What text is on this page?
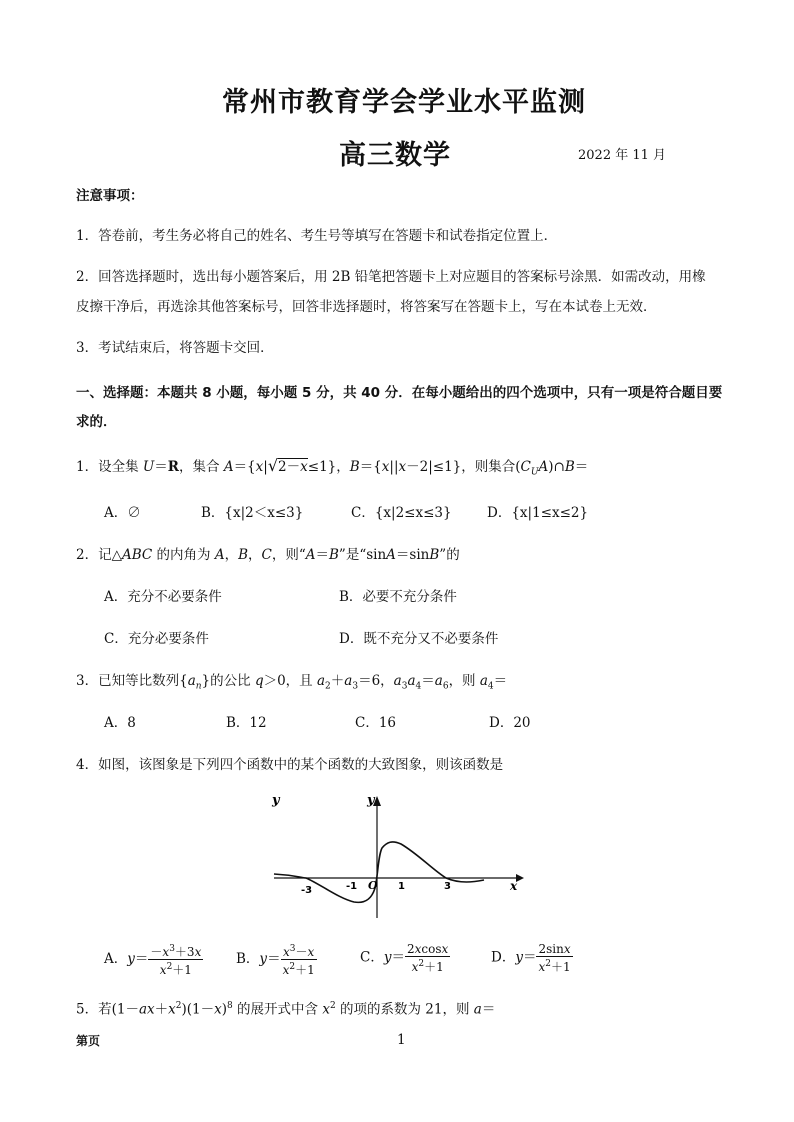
常州市教育学会学业水平监测
高三数学	2022 年 11 月
注意事项：
1．答卷前，考生务必将自己的姓名、考生号等填写在答题卡和试卷指定位置上．
2．回答选择题时，选出每小题答案后，用 2B 铅笔把答题卡上对应题目的答案标号涂黑．如需改动，用橡
皮擦干净后，再选涂其他答案标号，回答非选择题时，将答案写在答题卡上，写在本试卷上无效．
3．考试结束后，将答题卡交回．
一、选择题：本题共 8 小题，每小题 5 分，共 40 分．在每小题给出的四个选项中，只有一项是符合题目要
求的．
1．设全集 U＝R，集合 A＝{x|√2－x≤1}，B＝{x||x－2|≤1}，则集合$(C_UA)\cap B=$
A．∅	B．{x|2＜x≤3}	C．{x|2≤x≤3}	D．{x|1≤x≤2}
2．记△ABC 的内角为 A，B，C，则“A＝B”是“sinA＝sinB”的
A．充分不必要条件	B．必要不充分条件
C．充分必要条件	D．既不充分又不必要条件
3．已知等比数列$\{a_n\}$的公比 q＞0，且 $a_2+a_3=6$，$a_3a_4=a_6$，则 $a_4=$
A．8	B．12	C．16	D．20
4．如图，该图象是下列四个函数中的某个函数的大致图象，则该函数是
y	y
x
-3	-1 O 1	3
A．$y= \frac{-x^3+3x}{x^2+1}$ B．$y= \frac{x^3-x}{x^2+1}$	C．$y= \frac{2xcosx}{x^2+1}$	D．$y= \frac{2\sin x}{x^2+1}$
5．若$(1-ax+x^2)(1-x)^8$ 的展开式中含 $x^2$ 的项的系数为 21，则 a＝
第页	1
